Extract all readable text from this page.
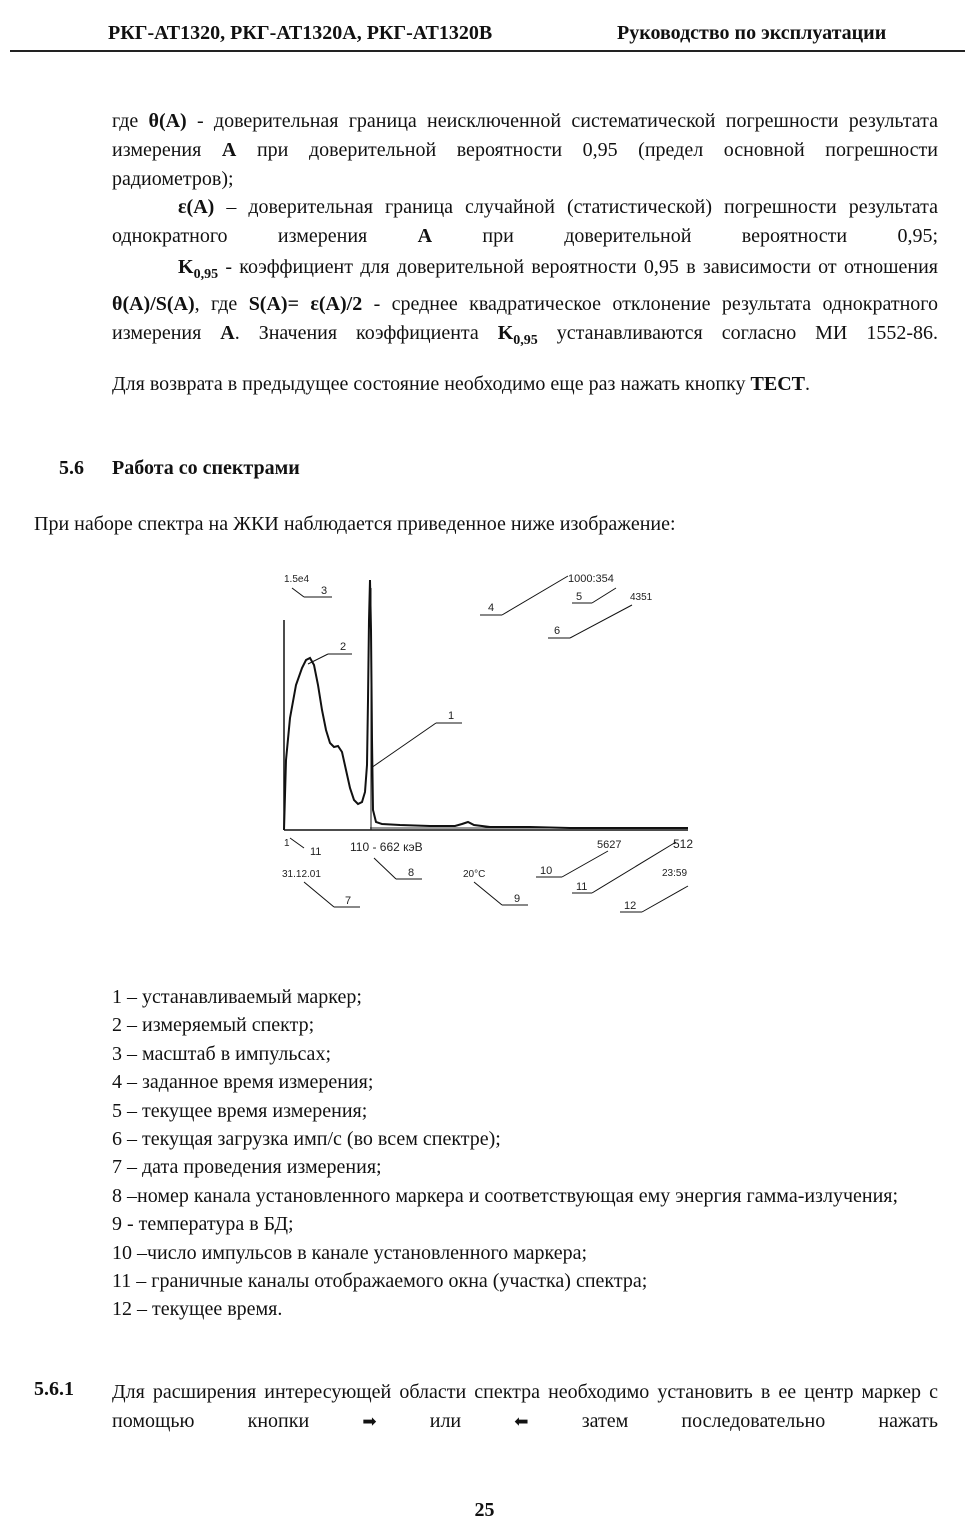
РКГ-АТ1320, РКГ-АТ1320А, РКГ-АТ1320В	Руководство по эксплуатации

где θ(А) - доверительная граница неисключенной систематической погрешности результата измерения А при доверительной вероятности 0,95 (предел основной погрешности радиометров);

ε(А) – доверительная граница случайной (статистической) погрешности результата однократного измерения А при доверительной вероятности 0,95;

$K_{0,95}$ - коэффициент для доверительной вероятности 0,95 в зависимости от отношения θ(А)/S(А), где S(А)= ε(А)/2 - среднее квадратическое отклонение результата однократного измерения А. Значения коэффициента $K_{0,95}$ устанавливаются согласно МИ 1552-86.

Для возврата в предыдущее состояние необходимо еще раз нажать кнопку ТЕСТ.

5.6 Работа со спектрами
При наборе спектра на ЖКИ наблюдается приведенное ниже изображение:
1.5e4	1000:354
4351
110 - 662 кэВ
1	512
5627
31.12.01	20°C	23:59
1
2
3
4
5
6
7
8
9
10
11
11
12
1 – устанавливаемый маркер;
2 – измеряемый спектр;
3 – масштаб в импульсах;
4 – заданное время измерения;
5 – текущее время измерения;
6 – текущая загрузка имп/с (во всем спектре);
7 – дата проведения измерения;
8 –номер канала установленного маркера и соответствующая ему энергия гамма-излучения;
9 - температура в БД;
10 –число импульсов в канале установленного маркера;
11 – граничные каналы отображаемого окна (участка) спектра;
12 – текущее время.
5.6.1 Для расширения интересующей области спектра необходимо установить в ее центр маркер с помощью кнопки ➡ или ⬅ затем последовательно нажать

25
